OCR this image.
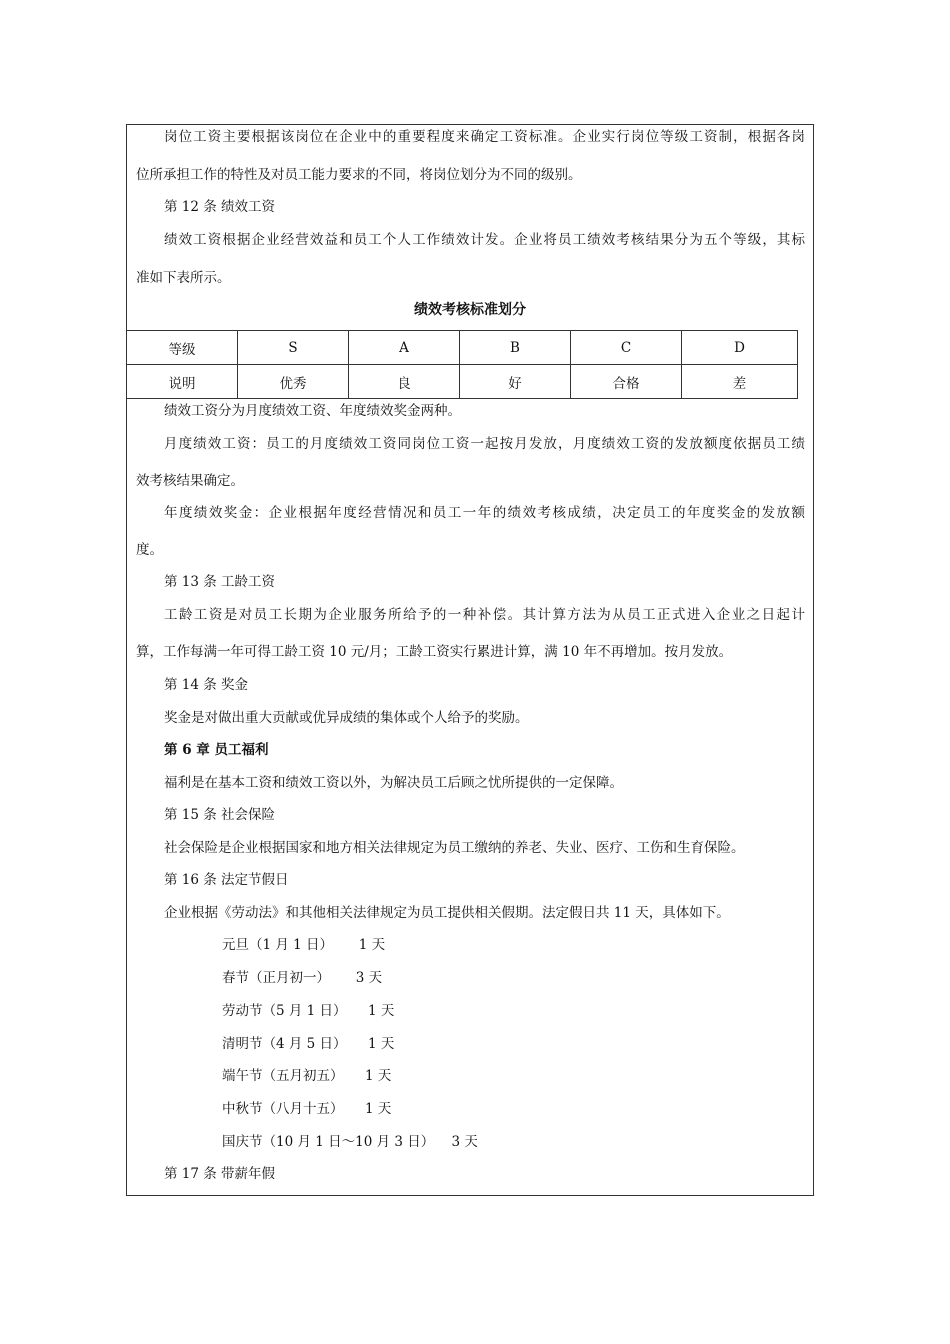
岗位工资主要根据该岗位在企业中的重要程度来确定工资标准。企业实行岗位等级工资制，根据各岗
位所承担工作的特性及对员工能力要求的不同，将岗位划分为不同的级别。
第 12 条 绩效工资
绩效工资根据企业经营效益和员工个人工作绩效计发。企业将员工绩效考核结果分为五个等级，其标
准如下表所示。
绩效考核标准划分
等级	S	A	B	C	D
说明	优秀	良	好	合格	差
绩效工资分为月度绩效工资、年度绩效奖金两种。
月度绩效工资：员工的月度绩效工资同岗位工资一起按月发放，月度绩效工资的发放额度依据员工绩
效考核结果确定。
年度绩效奖金：企业根据年度经营情况和员工一年的绩效考核成绩，决定员工的年度奖金的发放额
度。
第 13 条 工龄工资
工龄工资是对员工长期为企业服务所给予的一种补偿。其计算方法为从员工正式进入企业之日起计
算，工作每满一年可得工龄工资 10 元/月；工龄工资实行累进计算，满 10 年不再增加。按月发放。
第 14 条 奖金
奖金是对做出重大贡献或优异成绩的集体或个人给予的奖励。
第 6 章 员工福利
福利是在基本工资和绩效工资以外，为解决员工后顾之忧所提供的一定保障。
第 15 条 社会保险
社会保险是企业根据国家和地方相关法律规定为员工缴纳的养老、失业、医疗、工伤和生育保险。
第 16 条 法定节假日
企业根据《劳动法》和其他相关法律规定为员工提供相关假期。法定假日共 11 天，具体如下。
元旦（1 月 1 日）      1 天
春节（正月初一）      3 天
劳动节（5 月 1 日）     1 天
清明节（4 月 5 日）     1 天
端午节（五月初五）     1 天
中秋节（八月十五）     1 天
国庆节（10 月 1 日～10 月 3 日）    3 天
第 17 条 带薪年假
